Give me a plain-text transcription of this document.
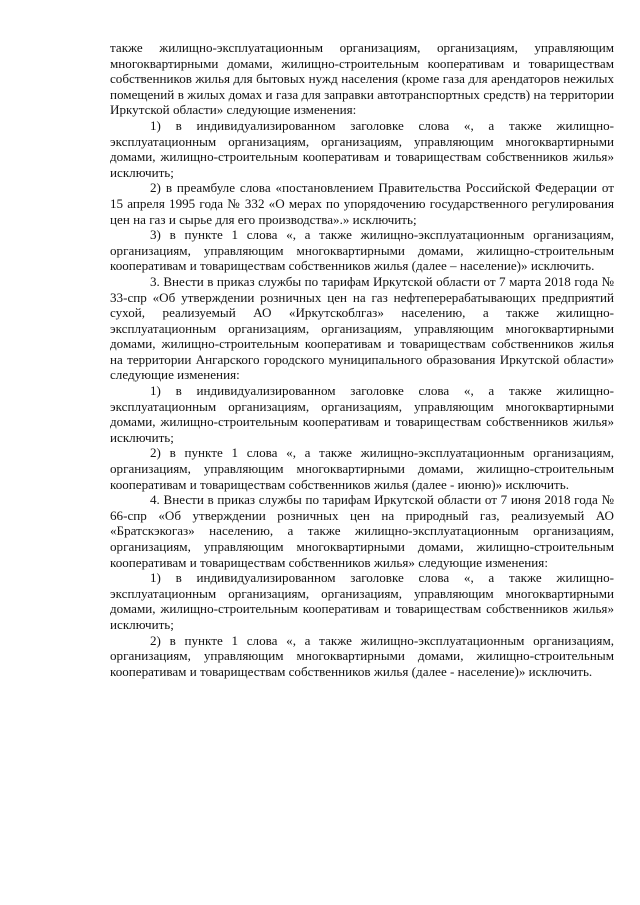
также жилищно-эксплуатационным организациям, организациям, управляющим многоквартирными домами, жилищно-строительным кооперативам и товариществам собственников жилья для бытовых нужд населения (кроме газа для арендаторов нежилых помещений в жилых домах и газа для заправки автотранспортных средств) на территории Иркутской области» следующие изменения:

1) в индивидуализированном заголовке слова «, а также жилищно-эксплуатационным организациям, организациям, управляющим многоквартирными домами, жилищно-строительным кооперативам и товариществам собственников жилья» исключить;

2) в преамбуле слова «постановлением Правительства Российской Федерации от 15 апреля 1995 года № 332 «О мерах по упорядочению государственного регулирования цен на газ и сырье для его производства».» исключить;

3) в пункте 1 слова «, а также жилищно-эксплуатационным организациям, организациям, управляющим многоквартирными домами, жилищно-строительным кооперативам и товариществам собственников жилья (далее – население)» исключить.

3. Внести в приказ службы по тарифам Иркутской области от 7 марта 2018 года № 33-спр «Об утверждении розничных цен на газ нефтеперерабатывающих предприятий сухой, реализуемый АО «Иркутскоблгаз» населению, а также жилищно-эксплуатационным организациям, организациям, управляющим многоквартирными домами, жилищно-строительным кооперативам и товариществам собственников жилья на территории Ангарского городского муниципального образования Иркутской области» следующие изменения:

1) в индивидуализированном заголовке слова «, а также жилищно-эксплуатационным организациям, организациям, управляющим многоквартирными домами, жилищно-строительным кооперативам и товариществам собственников жилья» исключить;

2) в пункте 1 слова «, а также жилищно-эксплуатационным организациям, организациям, управляющим многоквартирными домами, жилищно-строительным кооперативам и товариществам собственников жилья (далее - июню)» исключить.

4. Внести в приказ службы по тарифам Иркутской области от 7 июня 2018 года № 66-спр «Об утверждении розничных цен на природный газ, реализуемый АО «Братскэкогаз» населению, а также жилищно-эксплуатационным организациям, организациям, управляющим многоквартирными домами, жилищно-строительным кооперативам и товариществам собственников жилья» следующие изменения:

1) в индивидуализированном заголовке слова «, а также жилищно-эксплуатационным организациям, организациям, управляющим многоквартирными домами, жилищно-строительным кооперативам и товариществам собственников жилья» исключить;

2) в пункте 1 слова «, а также жилищно-эксплуатационным организациям, организациям, управляющим многоквартирными домами, жилищно-строительным кооперативам и товариществам собственников жилья (далее - население)» исключить.
